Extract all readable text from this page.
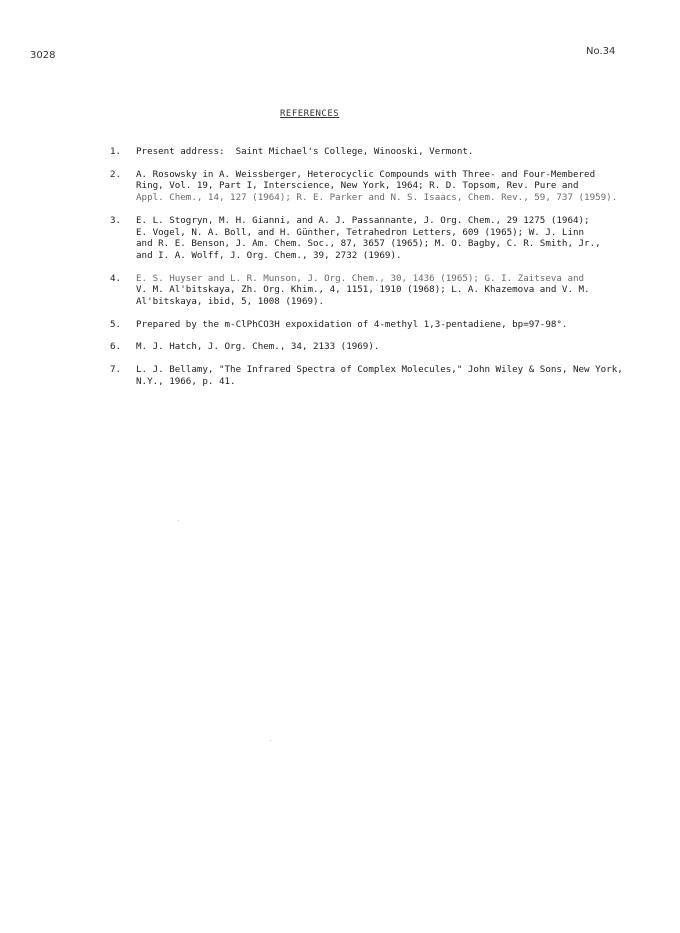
3028	No.34
REFERENCES
1.	Present address:  Saint Michael's College, Winooski, Vermont.
2.	A. Rosowsky in A. Weissberger, Heterocyclic Compounds with Three- and Four-Membered
Ring, Vol. 19, Part I, Interscience, New York, 1964; R. D. Topsom, Rev. Pure and
Appl. Chem., 14, 127 (1964); R. E. Parker and N. S. Isaacs, Chem. Rev., 59, 737 (1959).
3.	E. L. Stogryn, M. H. Gianni, and A. J. Passannante, J. Org. Chem., 29 1275 (1964);
E. Vogel, N. A. Boll, and H. Günther, Tetrahedron Letters, 609 (1965); W. J. Linn
and R. E. Benson, J. Am. Chem. Soc., 87, 3657 (1965); M. O. Bagby, C. R. Smith, Jr.,
and I. A. Wolff, J. Org. Chem., 39, 2732 (1969).
4.	E. S. Huyser and L. R. Munson, J. Org. Chem., 30, 1436 (1965); G. I. Zaitseva and
V. M. Al'bitskaya, Zh. Org. Khim., 4, 1151, 1910 (1968); L. A. Khazemova and V. M.
Al'bitskaya, ibid, 5, 1008 (1969).
5.	Prepared by the m-ClPhCO3H expoxidation of 4-methyl 1,3-pentadiene, bp=97-98°.
6.	M. J. Hatch, J. Org. Chem., 34, 2133 (1969).
7.	L. J. Bellamy, "The Infrared Spectra of Complex Molecules," John Wiley & Sons, New York,
N.Y., 1966, p. 41.
